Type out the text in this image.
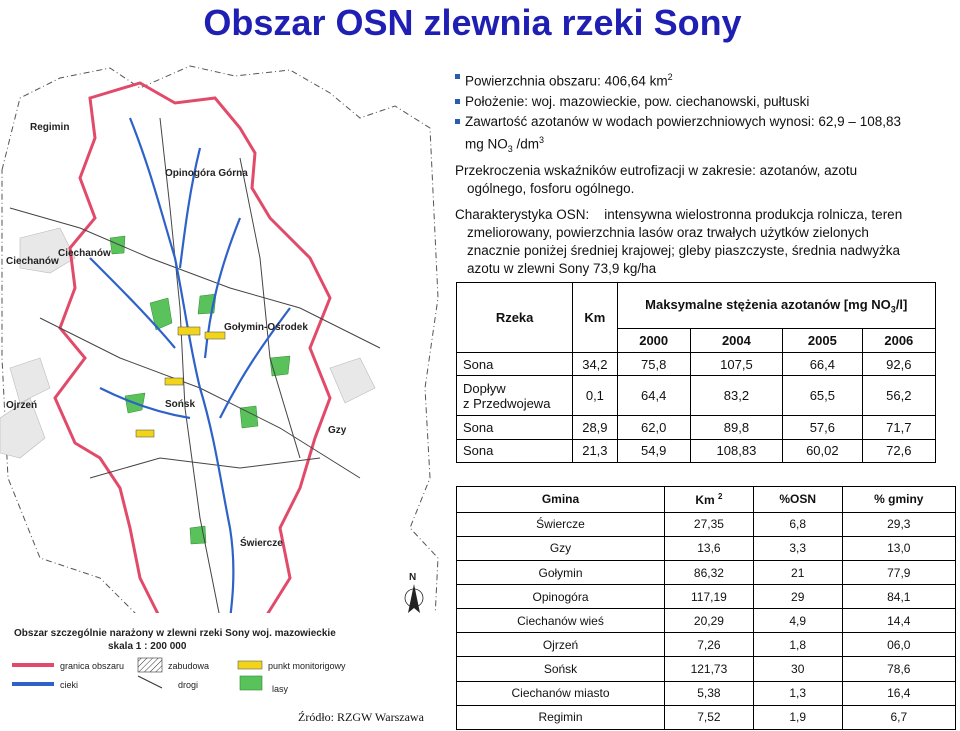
Obszar OSN zlewnia rzeki Sony
Regimin
Opinogóra Górna
Ciechanów
Ciechanów
Gołymin-Ośrodek
Ojrzeń	Sońsk
Gzy
Świercze
N
Obszar szczególnie narażony w zlewni rzeki Sony woj. mazowieckie
skala 1 : 200 000
granica obszaru	zabudowa	punkt monitorigowy
cieki	drogi	lasy
Powierzchnia obszaru: 406,64 $km^2$
Położenie: woj. mazowieckie, pow. ciechanowski, pułtuski
Zawartość azotanów w wodach powierzchniowych wynosi: 62,9 – 108,83
mg $NO_3$ $/dm^3$
Przekroczenia wskaźników eutrofizacji w zakresie: azotanów, azotu
ogólnego, fosforu ogólnego.
Charakterystyka OSN:    intensywna wielostronna produkcja rolnicza, teren
zmeliorowany, powierzchnia lasów oraz trwałych użytków zielonych
znacznie poniżej średniej krajowej; gleby piaszczyste, średnia nadwyżka
azotu w zlewni Sony 73,9 kg/ha
Rzeka	Km	Maksymalne stężenia azotanów [mg $NO_3/l$]			
		2000	2004	2005	2006
Sona	34,2	75,8	107,5	66,4	92,6
Dopływ
z Przedwojewa	0,1	64,4	83,2	65,5	56,2
Sona	28,9	62,0	89,8	57,6	71,7
Sona	21,3	54,9	108,83	60,02	72,6
Gmina	Km $^2$	%OSN	% gminy
Świercze	27,35	6,8	29,3
Gzy	13,6	3,3	13,0
Gołymin	86,32	21	77,9
Opinogóra	117,19	29	84,1
Ciechanów wieś	20,29	4,9	14,4
Ojrzeń	7,26	1,8	06,0
Sońsk	121,73	30	78,6
Ciechanów miasto	5,38	1,3	16,4
Regimin	7,52	1,9	6,7
Źródło: RZGW Warszawa
